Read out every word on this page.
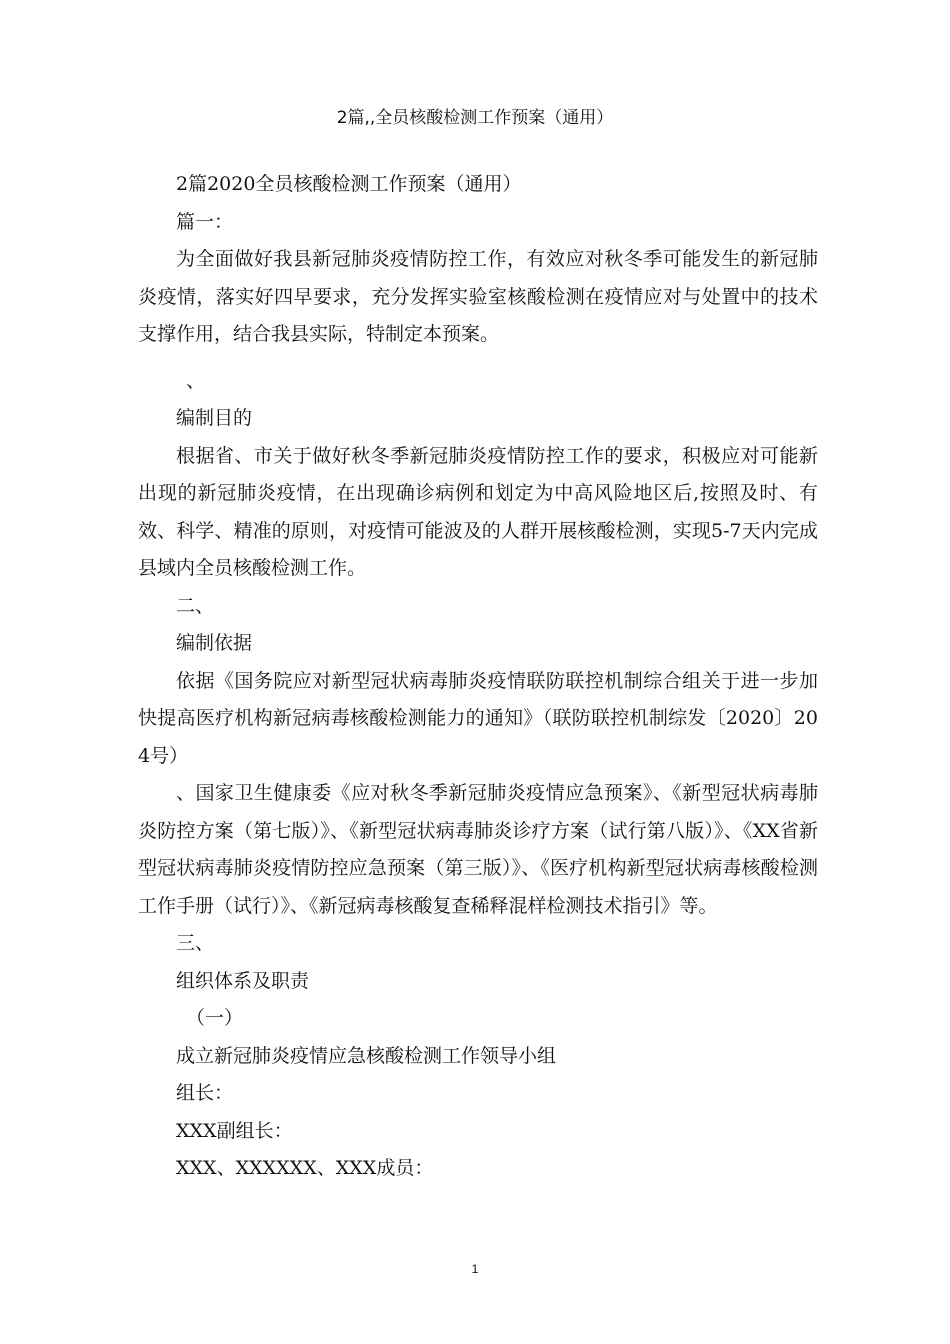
2篇,,全员核酸检测工作预案（通用）

2篇2020全员核酸检测工作预案（通用）

篇一：

为全面做好我县新冠肺炎疫情防控工作，有效应对秋冬季可能发生的新冠肺炎疫情，落实好四早要求，充分发挥实验室核酸检测在疫情应对与处置中的技术支撑作用，结合我县实际，特制定本预案。

、

编制目的

根据省、市关于做好秋冬季新冠肺炎疫情防控工作的要求，积极应对可能新出现的新冠肺炎疫情，在出现确诊病例和划定为中高风险地区后,按照及时、有效、科学、精准的原则，对疫情可能波及的人群开展核酸检测，实现5-7天内完成县域内全员核酸检测工作。

二、

编制依据

依据《国务院应对新型冠状病毒肺炎疫情联防联控机制综合组关于进一步加快提高医疗机构新冠病毒核酸检测能力的通知》（联防联控机制综发〔2020〕204号）

、国家卫生健康委《应对秋冬季新冠肺炎疫情应急预案》、《新型冠状病毒肺炎防控方案（第七版）》、《新型冠状病毒肺炎诊疗方案（试行第八版）》、《XX省新型冠状病毒肺炎疫情防控应急预案（第三版）》、《医疗机构新型冠状病毒核酸检测工作手册（试行）》、《新冠病毒核酸复查稀释混样检测技术指引》等。

三、

组织体系及职责

（一）

成立新冠肺炎疫情应急核酸检测工作领导小组

组长：

XXX副组长：

XXX、XXXXXX、XXX成员：

1
